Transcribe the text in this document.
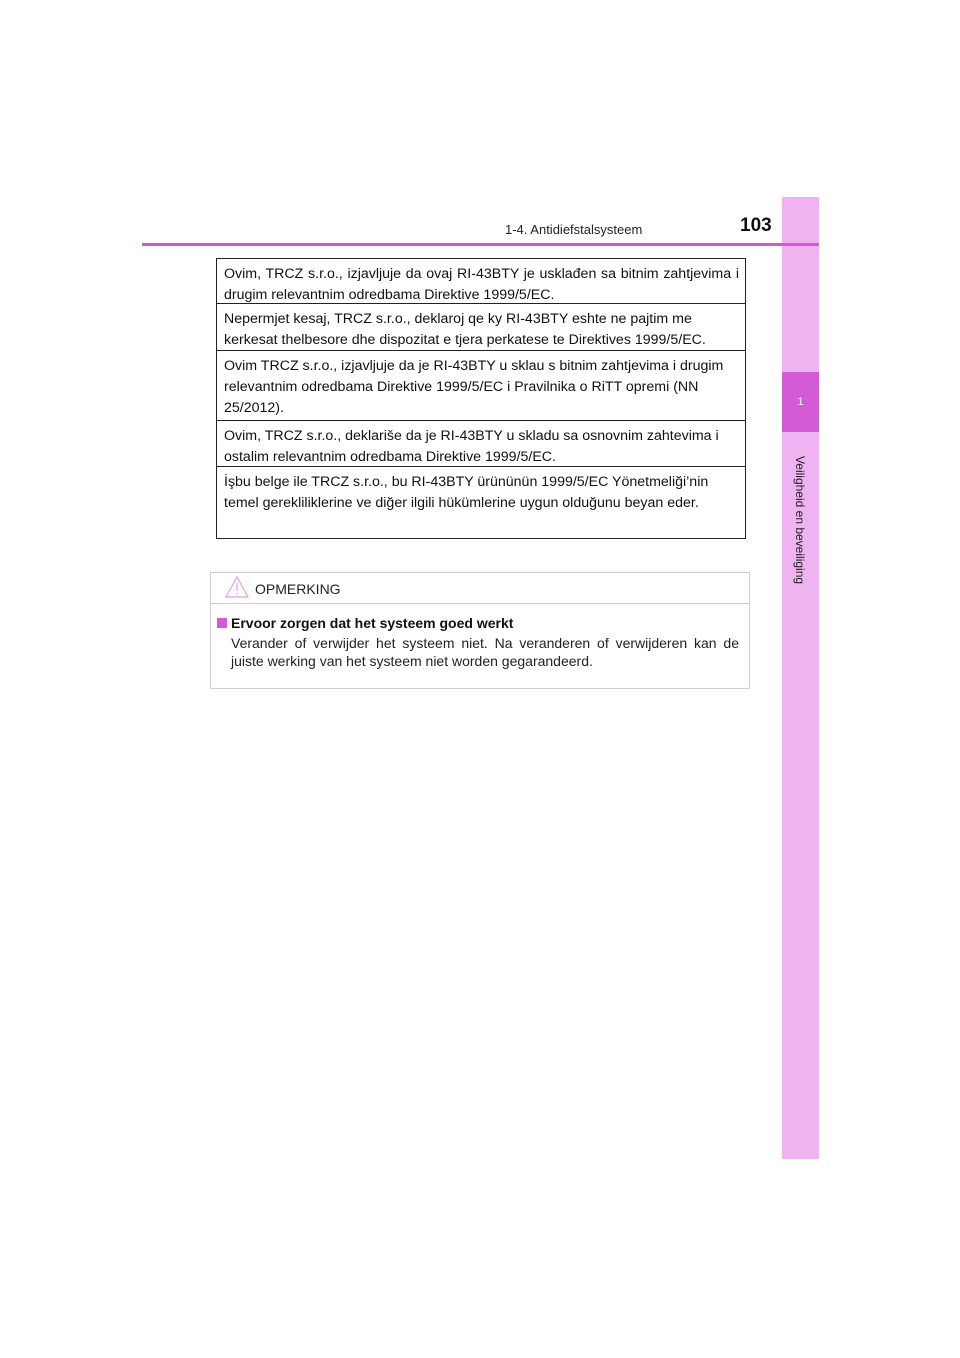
1
Veiligheid en beveiliging
1-4. Antidiefstalsysteem	103
Ovim, TRCZ s.r.o., izjavljuje da ovaj RI-43BTY je usklađen sa bitnim zahtjevima i drugim relevantnim odredbama Direktive 1999/5/EC.
Nepermjet kesaj, TRCZ s.r.o., deklaroj qe ky RI-43BTY eshte ne pajtim me kerkesat thelbesore dhe dispozitat e tjera perkatese te Direktives 1999/5/EC.
Ovim TRCZ s.r.o., izjavljuje da je RI-43BTY u sklau s bitnim zahtjevima i drugim relevantnim odredbama Direktive 1999/5/EC i Pravilnika o RiTT opremi (NN 25/2012).
Ovim, TRCZ s.r.o., deklariše da je RI-43BTY u skladu sa osnovnim zahtevima i ostalim relevantnim odredbama Direktive 1999/5/EC.
İşbu belge ile TRCZ s.r.o., bu RI-43BTY ürününün 1999/5/EC Yönetmeliği’nin temel gerekliliklerine ve diğer ilgili hükümlerine uygun olduğunu beyan eder.
OPMERKING
Ervoor zorgen dat het systeem goed werkt
Verander of verwijder het systeem niet. Na veranderen of verwijderen kan de juiste werking van het systeem niet worden gegarandeerd.
